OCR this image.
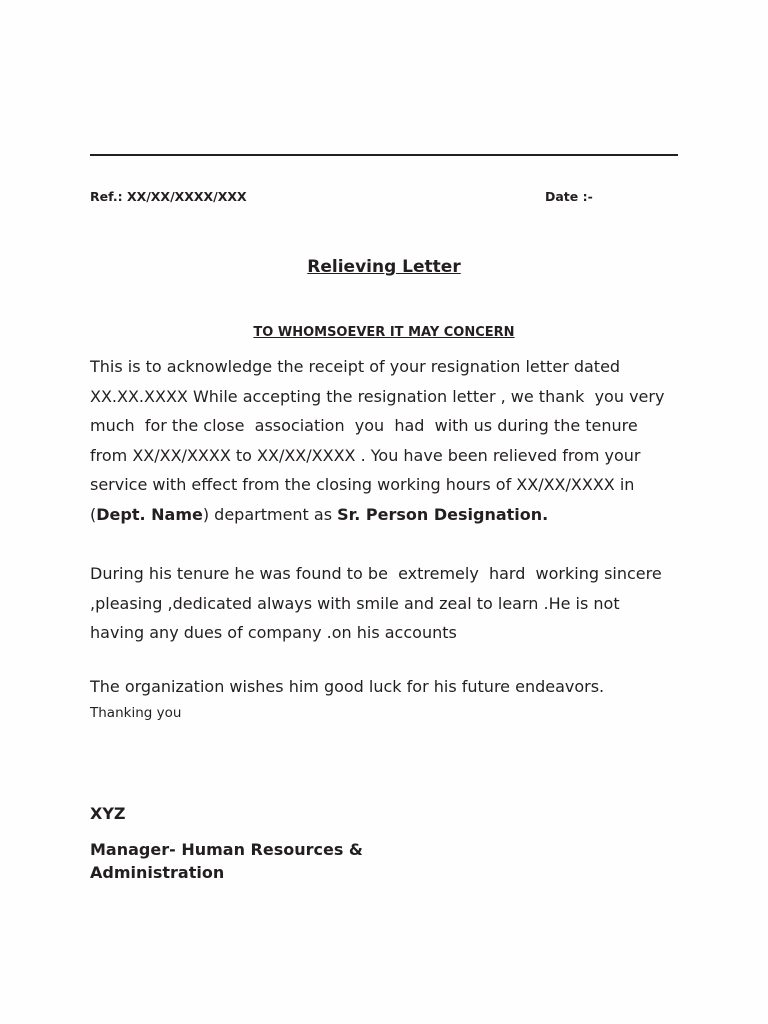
Ref.: XX/XX/XXXX/XXX	Date :-
Relieving Letter
TO WHOMSOEVER IT MAY CONCERN
This is to acknowledge the receipt of your resignation letter dated
XX.XX.XXXX While accepting the resignation letter , we thank  you very
much  for the close  association  you  had  with us during the tenure
from XX/XX/XXXX to XX/XX/XXXX . You have been relieved from your
service with effect from the closing working hours of XX/XX/XXXX in
(Dept. Name) department as Sr. Person Designation.
During his tenure he was found to be  extremely  hard  working sincere
,pleasing ,dedicated always with smile and zeal to learn .He is not
having any dues of company .on his accounts
The organization wishes him good luck for his future endeavors.
Thanking you
XYZ
Manager- Human Resources &
Administration
